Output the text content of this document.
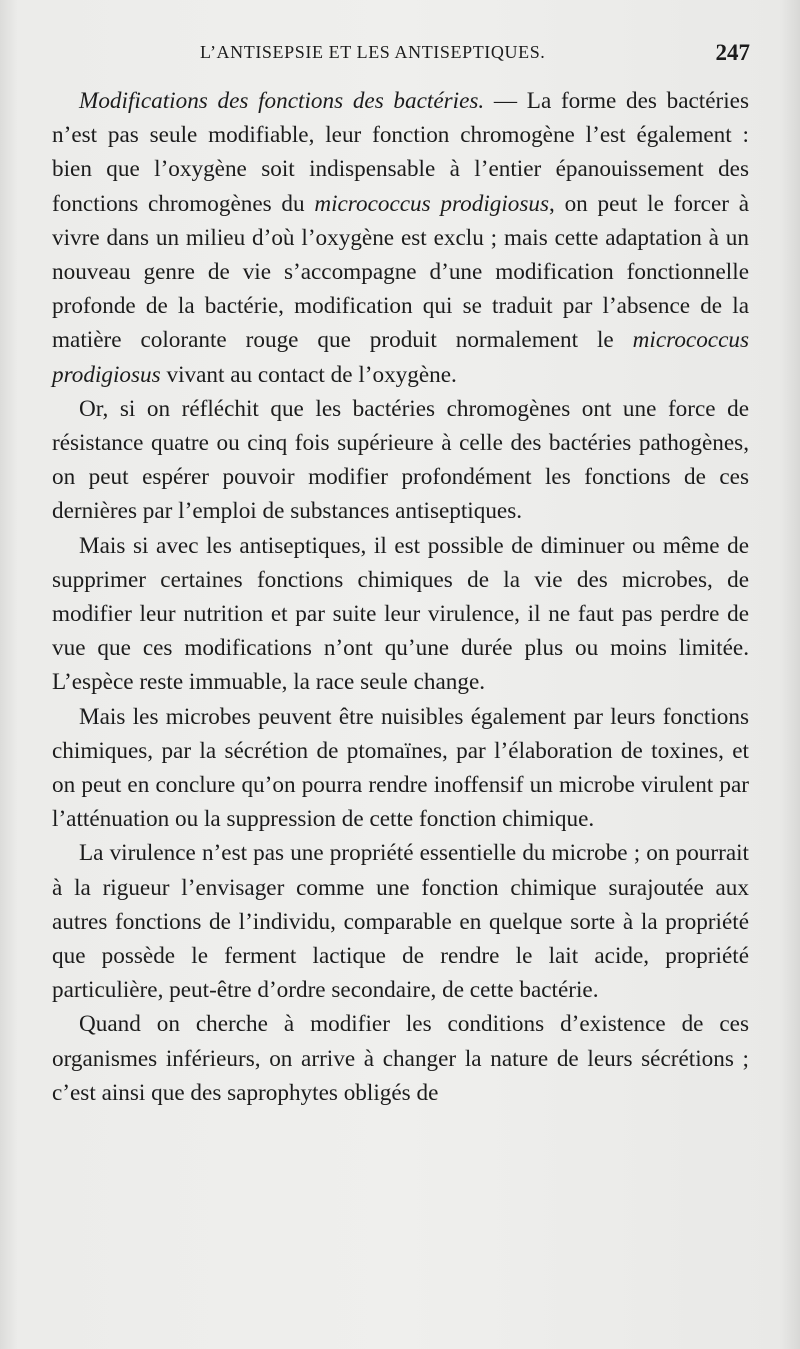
L’ANTISEPSIE ET LES ANTISEPTIQUES.	247

Modifications des fonctions des bactéries. — La forme des bactéries n’est pas seule modifiable, leur fonction chromogène l’est également : bien que l’oxygène soit indispensable à l’entier épanouissement des fonctions chromogènes du micrococcus prodigiosus, on peut le forcer à vivre dans un milieu d’où l’oxygène est exclu ; mais cette adaptation à un nouveau genre de vie s’accompagne d’une modification fonctionnelle profonde de la bactérie, modification qui se traduit par l’absence de la matière colorante rouge que produit normalement le micrococcus prodigiosus vivant au contact de l’oxygène.

Or, si on réfléchit que les bactéries chromogènes ont une force de résistance quatre ou cinq fois supérieure à celle des bactéries pathogènes, on peut espérer pouvoir modifier profondément les fonctions de ces dernières par l’emploi de substances antiseptiques.

Mais si avec les antiseptiques, il est possible de diminuer ou même de supprimer certaines fonctions chimiques de la vie des microbes, de modifier leur nutrition et par suite leur virulence, il ne faut pas perdre de vue que ces modifications n’ont qu’une durée plus ou moins limitée. L’espèce reste immuable, la race seule change.

Mais les microbes peuvent être nuisibles également par leurs fonctions chimiques, par la sécrétion de ptomaïnes, par l’élaboration de toxines, et on peut en conclure qu’on pourra rendre inoffensif un microbe virulent par l’atténuation ou la suppression de cette fonction chimique.

La virulence n’est pas une propriété essentielle du microbe ; on pourrait à la rigueur l’envisager comme une fonction chimique surajoutée aux autres fonctions de l’individu, comparable en quelque sorte à la propriété que possède le ferment lactique de rendre le lait acide, propriété particulière, peut-être d’ordre secondaire, de cette bactérie.

Quand on cherche à modifier les conditions d’existence de ces organismes inférieurs, on arrive à changer la nature de leurs sécrétions ; c’est ainsi que des saprophytes obligés de
